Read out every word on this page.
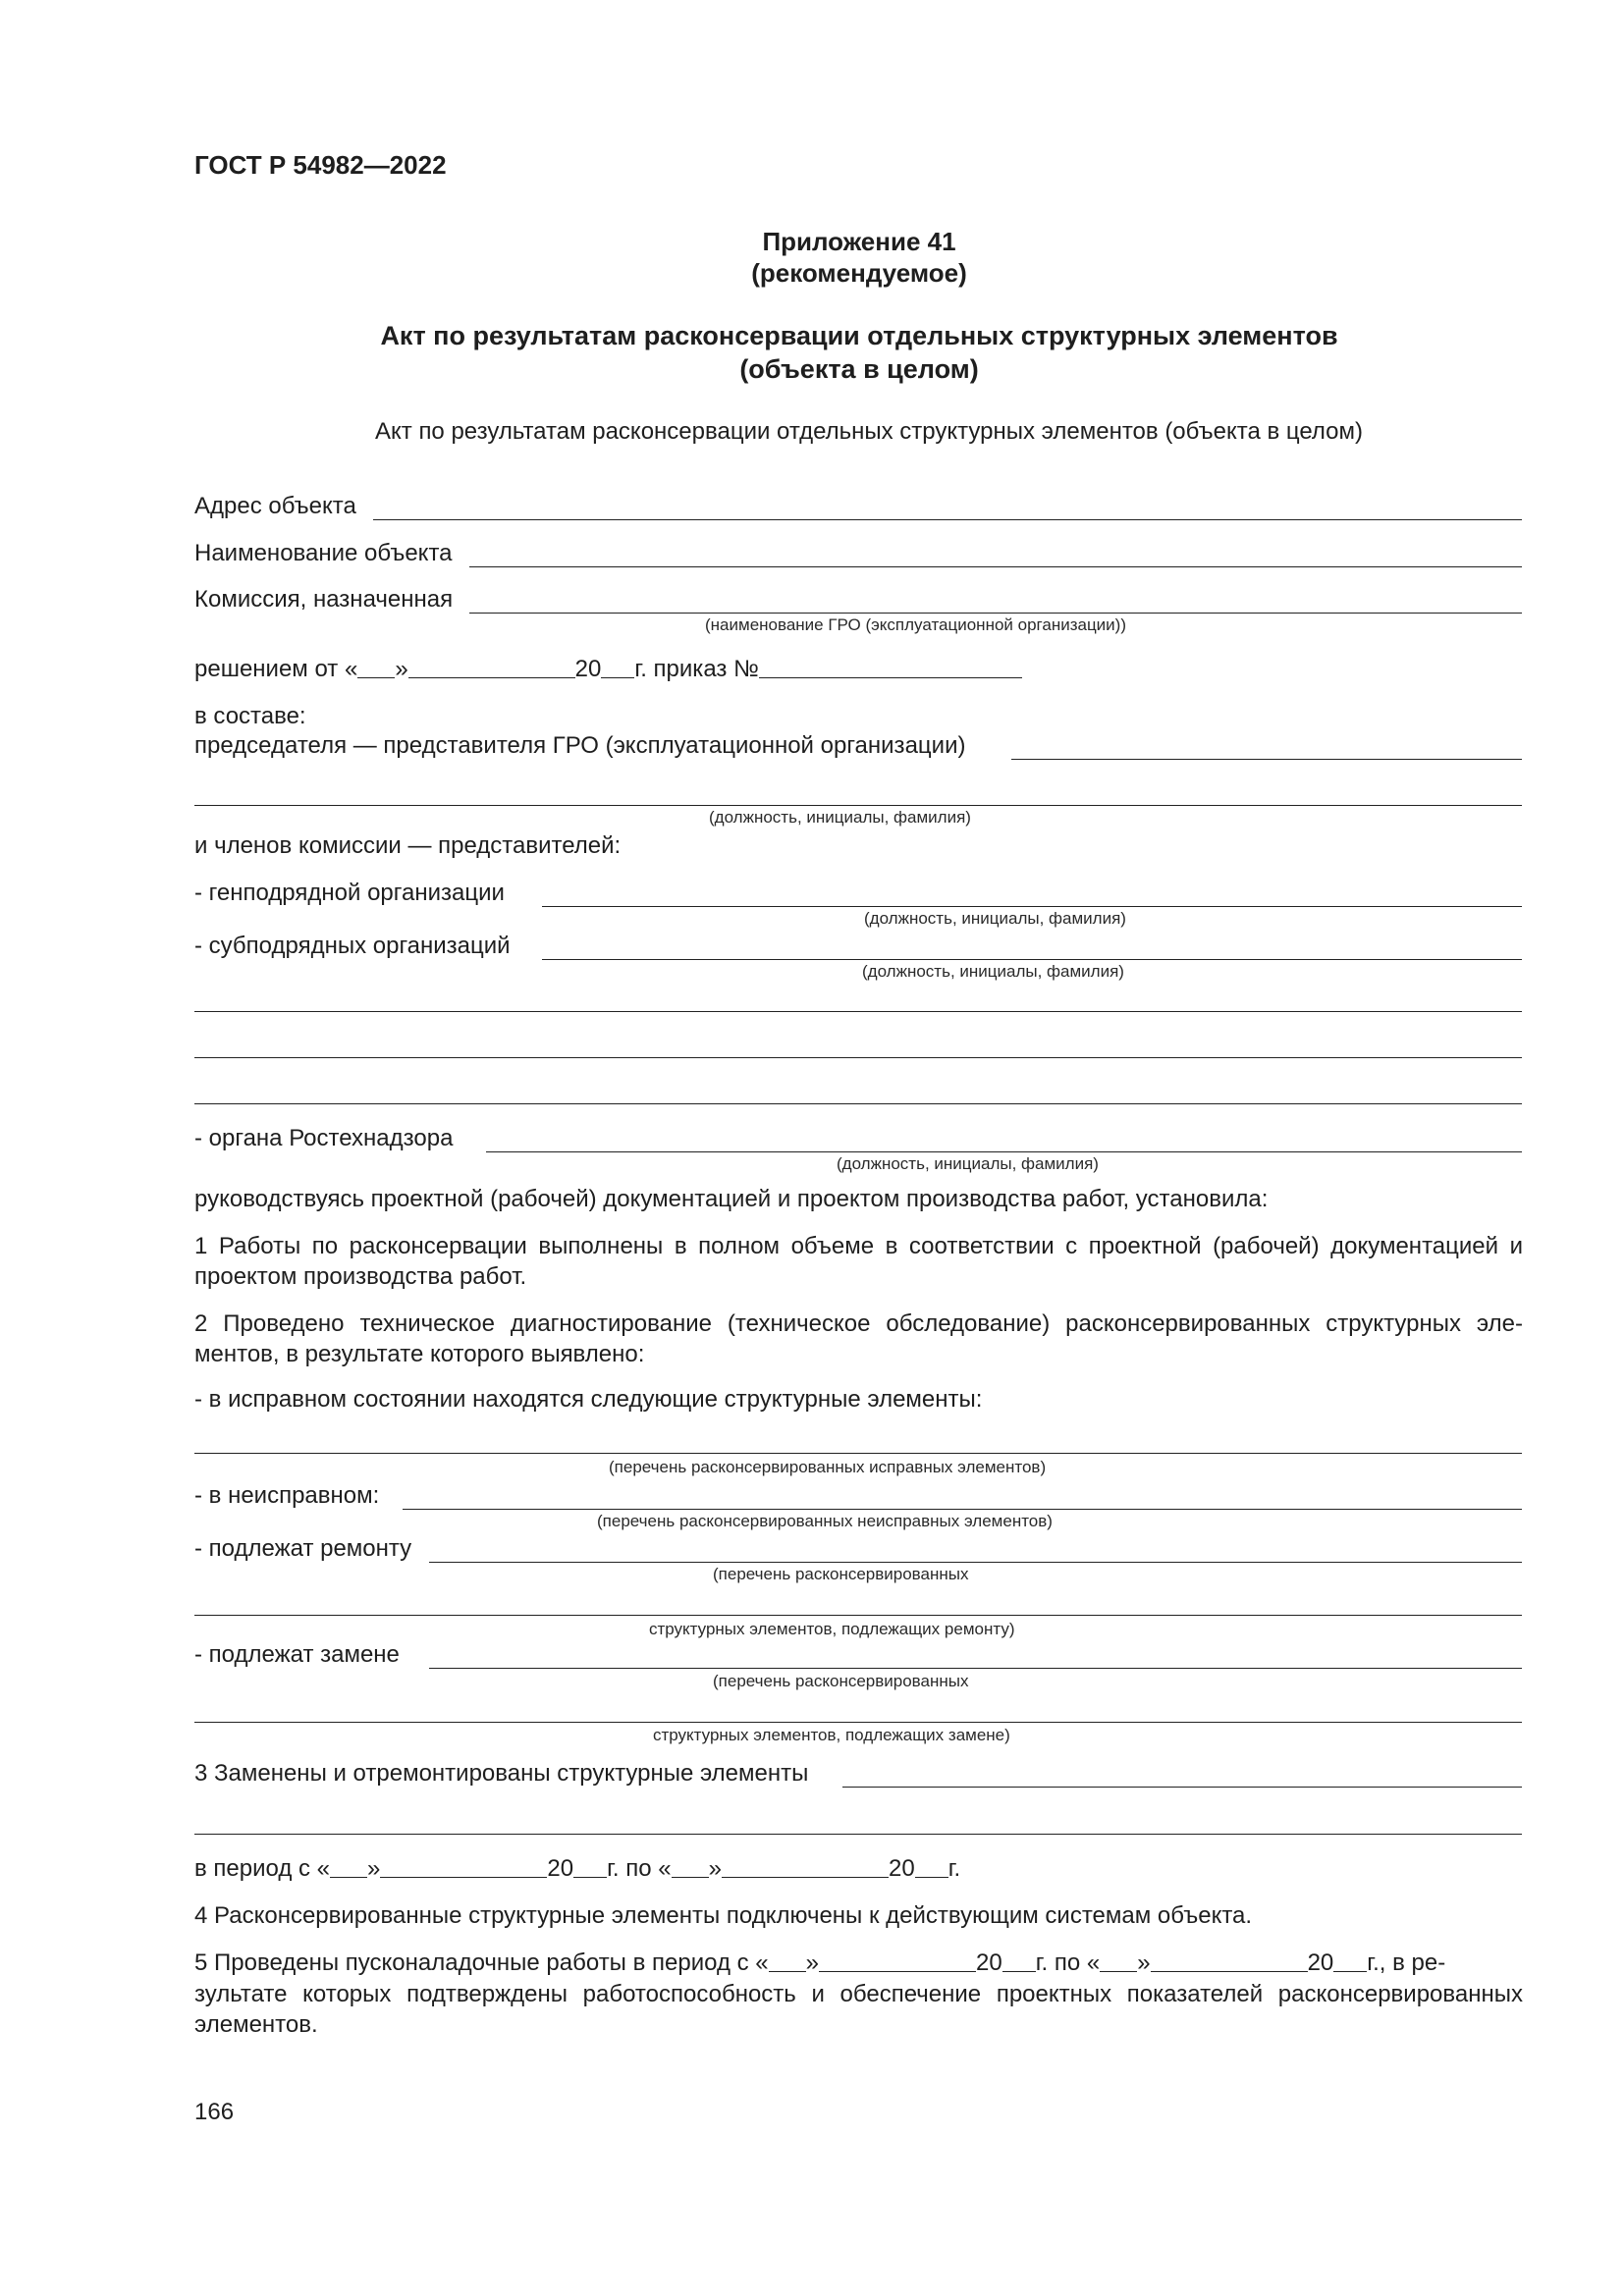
ГОСТ Р 54982—2022
Приложение 41
(рекомендуемое)
Акт по результатам расконсервации отдельных структурных элементов
(объекта в целом)
Акт по результатам расконсервации отдельных структурных элементов (объекта в целом)
Адрес объекта
Наименование объекта
Комиссия, назначенная
(наименование ГРО (эксплуатационной организации))
решением от « »	20 г. приказ №
в составе:
председателя — представителя ГРО (эксплуатационной организации)
(должность, инициалы, фамилия)
и членов комиссии — представителей:
- генподрядной организации
(должность, инициалы, фамилия)
- субподрядных организаций
(должность, инициалы, фамилия)
- органа Ростехнадзора
(должность, инициалы, фамилия)
руководствуясь проектной (рабочей) документацией и проектом производства работ, установила:
1 Работы по расконсервации выполнены в полном объеме в соответствии с проектной (рабочей) документацией и проектом производства работ.
2 Проведено техническое диагностирование (техническое обследование) расконсервированных структурных эле-ментов, в результате которого выявлено:
- в исправном состоянии находятся следующие структурные элементы:
(перечень расконсервированных исправных элементов)
- в неисправном:
(перечень расконсервированных неисправных элементов)
- подлежат ремонту
(перечень расконсервированных
структурных элементов, подлежащих ремонту)
- подлежат замене
(перечень расконсервированных
структурных элементов, подлежащих замене)
3 Заменены и отремонтированы структурные элементы
в период с « »	20 г. по « »	20 г.
4 Расконсервированные структурные элементы подключены к действующим системам объекта.
5 Проведены пусконаладочные работы в период с « »	20 г. по « »	20 г., в ре-
зультате которых подтверждены работоспособность и обеспечение проектных показателей расконсервированных элементов.
166
